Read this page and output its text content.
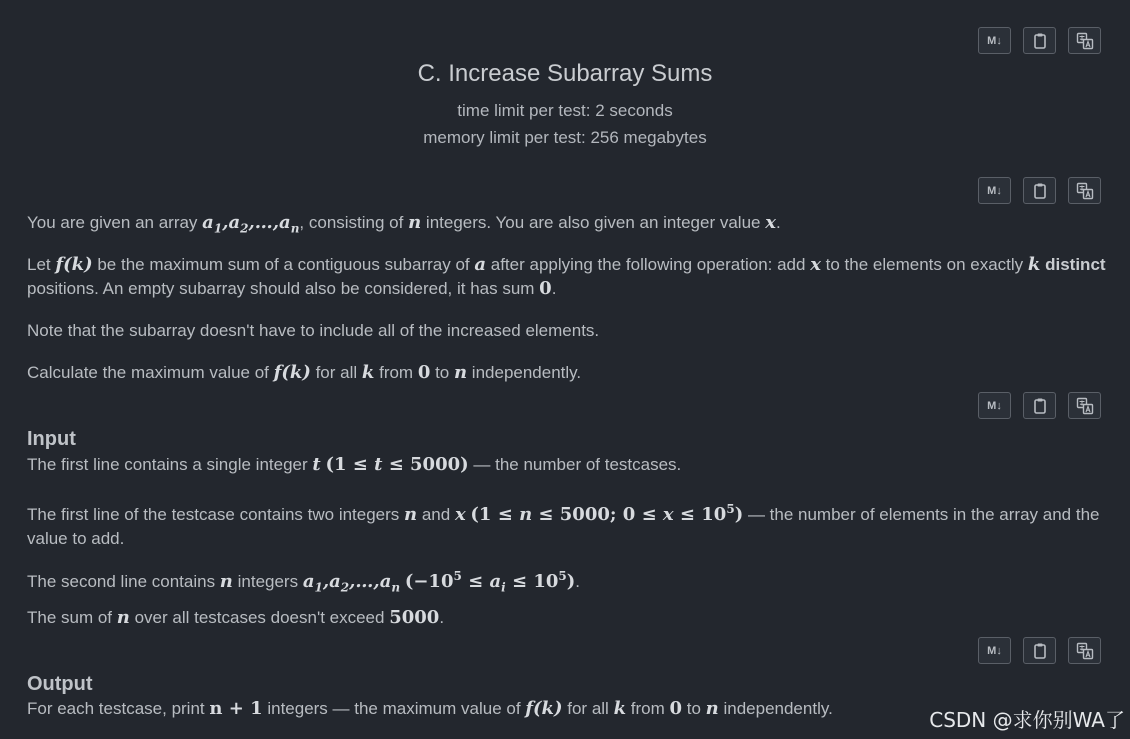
M↓
C. Increase Subarray Sums
time limit per test: 2 seconds
memory limit per test: 256 megabytes
M↓
You are given an array $a_1,a_2,\dots,a_n$, consisting of n integers. You are also given an integer value x.
Let f(k) be the maximum sum of a contiguous subarray of a after applying the following operation: add x to the elements on exactly k distinct positions. An empty subarray should also be considered, it has sum 0.
Note that the subarray doesn't have to include all of the increased elements.
Calculate the maximum value of f(k) for all k from 0 to n independently.
M↓
Input
The first line contains a single integer t (1 ≤ t ≤ 5000) — the number of testcases.
The first line of the testcase contains two integers n and x (1 ≤ n ≤ 5000; $0 \le x \le 10^5$) — the number of elements in the array and the value to add.
The second line contains n integers $a_1,a_2,\dots,a_n$ $(-10^5 \le a_i \le 10^5)$.
The sum of n over all testcases doesn't exceed 5000.
M↓
Output
For each testcase, print n + 1 integers — the maximum value of f(k) for all k from 0 to n independently.	CSDN @求你别WA了
